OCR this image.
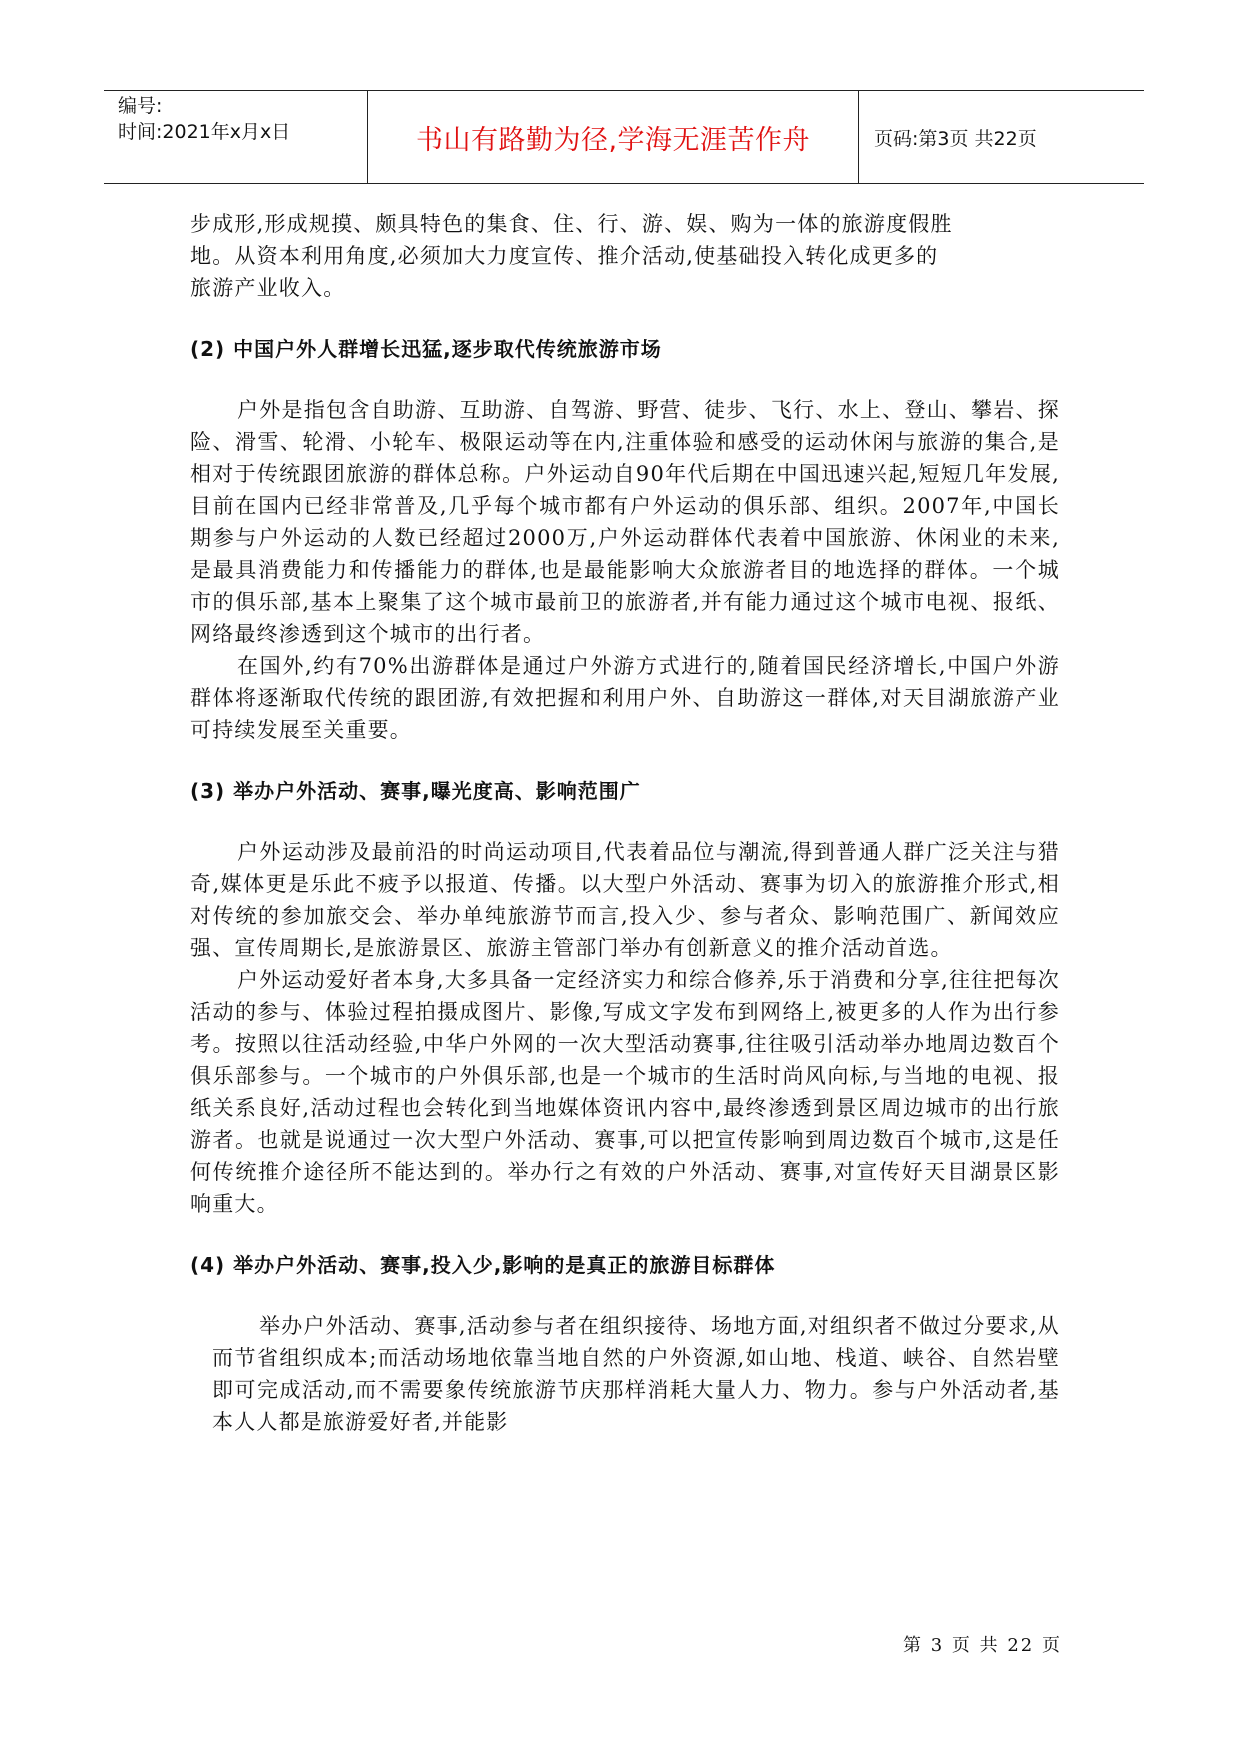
编号:
时间:2021年x月x日	书山有路勤为径,学海无涯苦作舟	页码:第3页 共22页

步成形,形成规摸、颇具特色的集食、住、行、游、娱、购为一体的旅游度假胜
地。从资本利用角度,必须加大力度宣传、推介活动,使基础投入转化成更多的
旅游产业收入。

(2) 中国户外人群增长迅猛,逐步取代传统旅游市场

户外是指包含自助游、互助游、自驾游、野营、徒步、飞行、水上、登山、攀岩、探险、滑雪、轮滑、小轮车、极限运动等在内,注重体验和感受的运动休闲与旅游的集合,是相对于传统跟团旅游的群体总称。户外运动自90年代后期在中国迅速兴起,短短几年发展,目前在国内已经非常普及,几乎每个城市都有户外运动的俱乐部、组织。2007年,中国长期参与户外运动的人数已经超过2000万,户外运动群体代表着中国旅游、休闲业的未来,是最具消费能力和传播能力的群体,也是最能影响大众旅游者目的地选择的群体。一个城市的俱乐部,基本上聚集了这个城市最前卫的旅游者,并有能力通过这个城市电视、报纸、网络最终渗透到这个城市的出行者。

在国外,约有70%出游群体是通过户外游方式进行的,随着国民经济增长,中国户外游群体将逐渐取代传统的跟团游,有效把握和利用户外、自助游这一群体,对天目湖旅游产业可持续发展至关重要。

(3) 举办户外活动、赛事,曝光度高、影响范围广

户外运动涉及最前沿的时尚运动项目,代表着品位与潮流,得到普通人群广泛关注与猎奇,媒体更是乐此不疲予以报道、传播。以大型户外活动、赛事为切入的旅游推介形式,相对传统的参加旅交会、举办单纯旅游节而言,投入少、参与者众、影响范围广、新闻效应强、宣传周期长,是旅游景区、旅游主管部门举办有创新意义的推介活动首选。

户外运动爱好者本身,大多具备一定经济实力和综合修养,乐于消费和分享,往往把每次活动的参与、体验过程拍摄成图片、影像,写成文字发布到网络上,被更多的人作为出行参考。按照以往活动经验,中华户外网的一次大型活动赛事,往往吸引活动举办地周边数百个俱乐部参与。一个城市的户外俱乐部,也是一个城市的生活时尚风向标,与当地的电视、报纸关系良好,活动过程也会转化到当地媒体资讯内容中,最终渗透到景区周边城市的出行旅游者。也就是说通过一次大型户外活动、赛事,可以把宣传影响到周边数百个城市,这是任何传统推介途径所不能达到的。举办行之有效的户外活动、赛事,对宣传好天目湖景区影响重大。

(4) 举办户外活动、赛事,投入少,影响的是真正的旅游目标群体

举办户外活动、赛事,活动参与者在组织接待、场地方面,对组织者不做过分要求,从而节省组织成本;而活动场地依靠当地自然的户外资源,如山地、栈道、峡谷、自然岩壁即可完成活动,而不需要象传统旅游节庆那样消耗大量人力、物力。参与户外活动者,基本人人都是旅游爱好者,并能影

第 3 页 共 22 页
